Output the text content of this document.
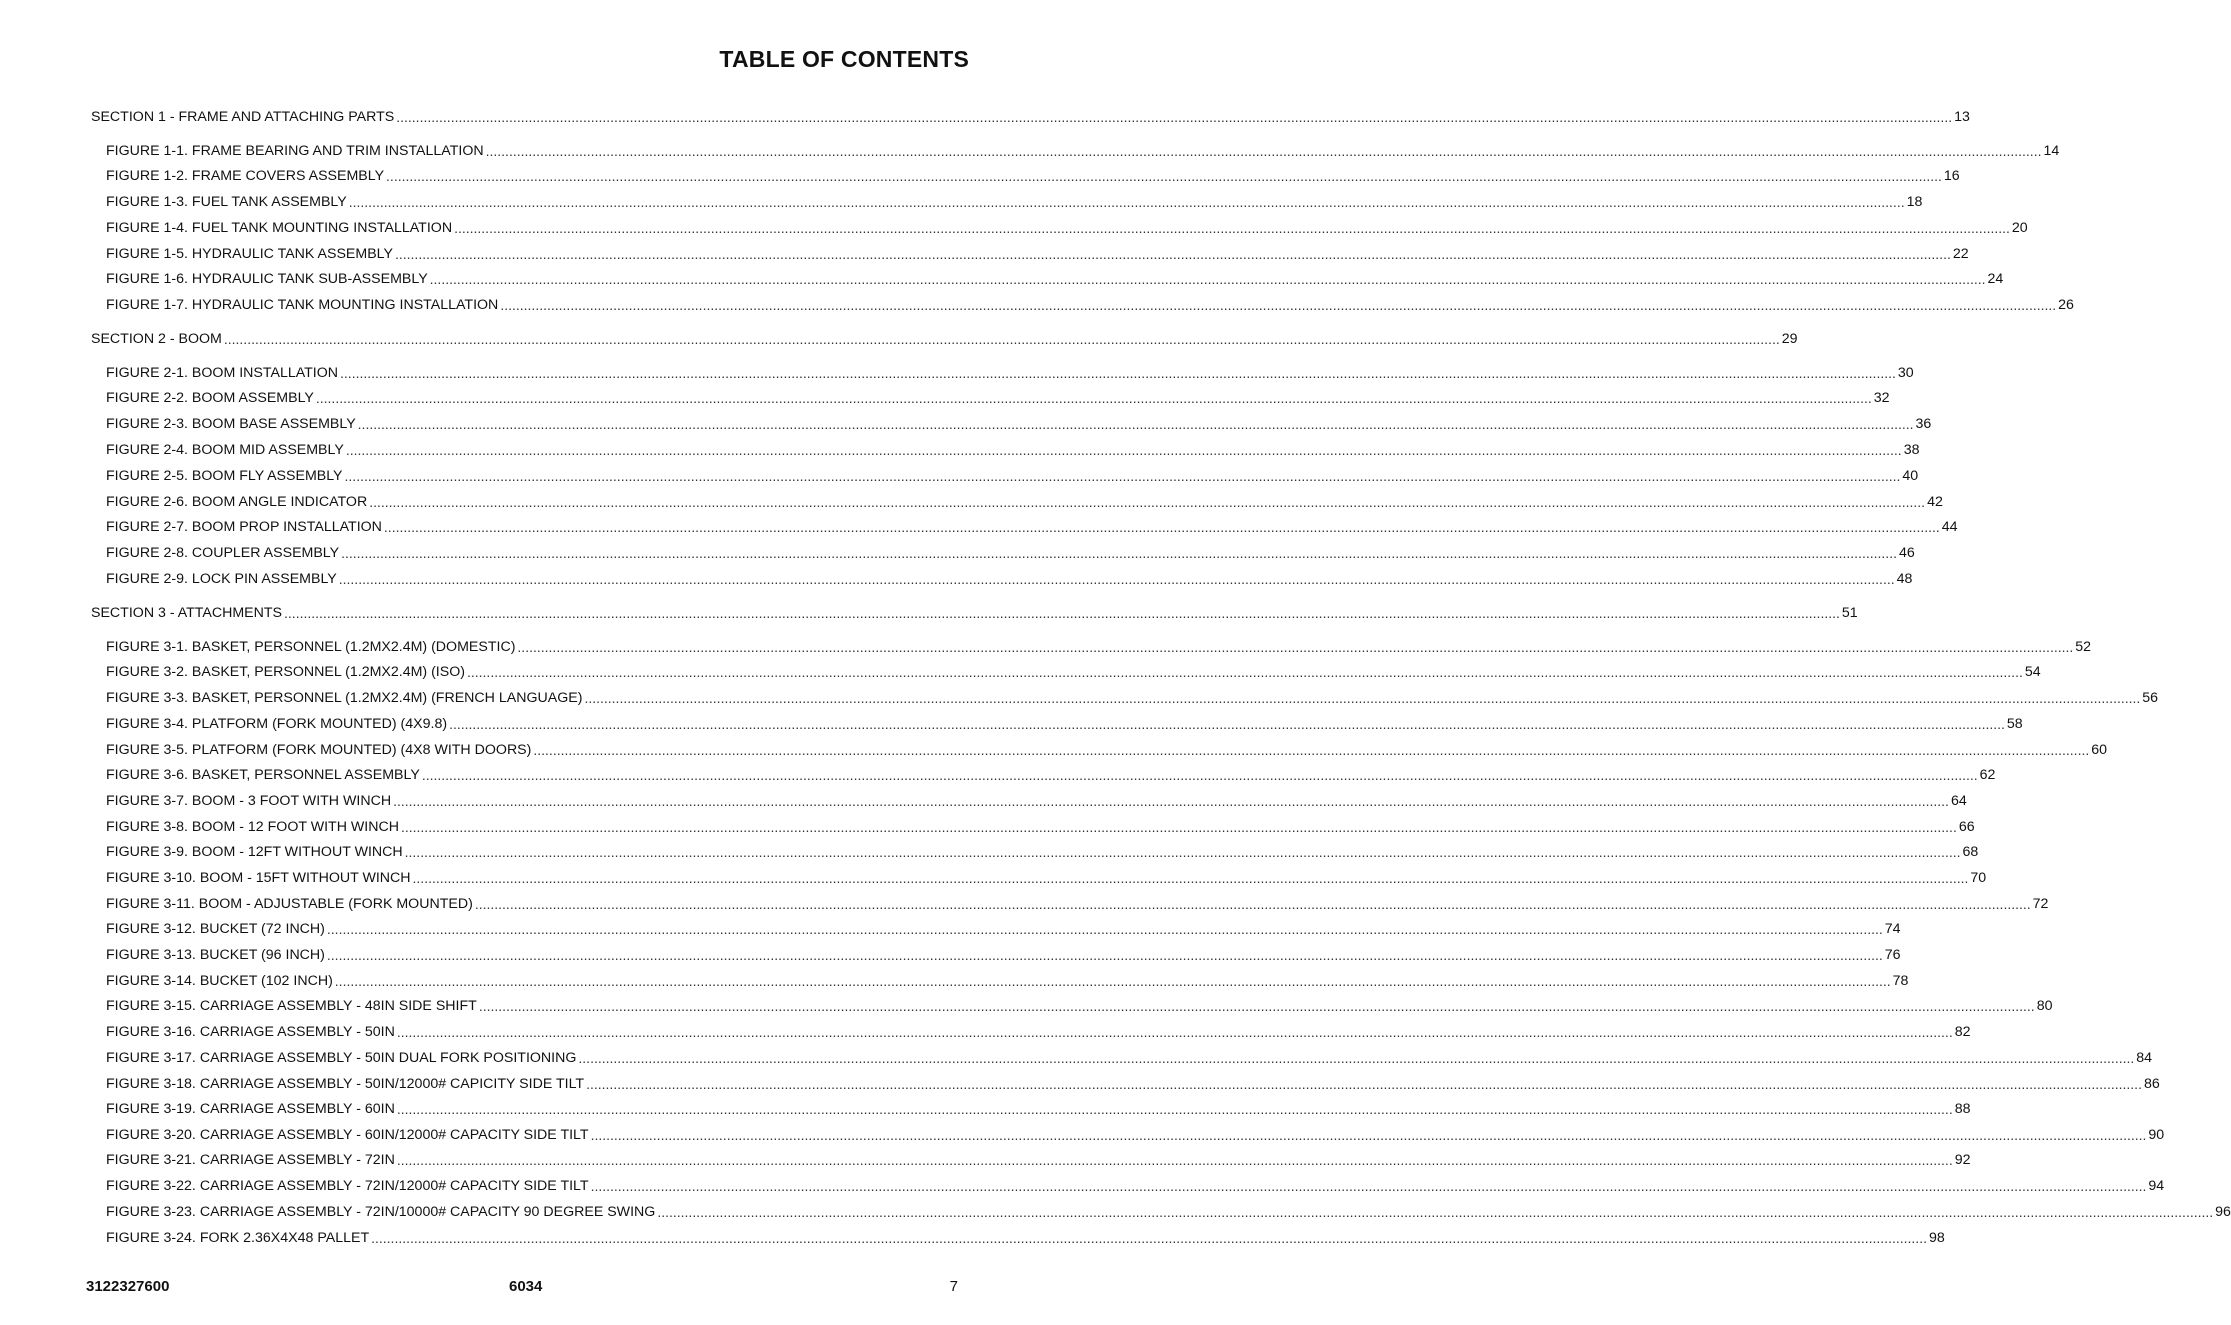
TABLE OF CONTENTS
SECTION 1 - FRAME AND ATTACHING PARTS ................................................................................................................................................................................................................................................................................................................................................................................................................ 13
FIGURE 1-1. FRAME BEARING AND TRIM INSTALLATION ................................................................................................................................................................................................................................................................................................................................................................................................................ 14
FIGURE 1-2. FRAME COVERS ASSEMBLY ................................................................................................................................................................................................................................................................................................................................................................................................................ 16
FIGURE 1-3. FUEL TANK ASSEMBLY ................................................................................................................................................................................................................................................................................................................................................................................................................ 18
FIGURE 1-4. FUEL TANK MOUNTING INSTALLATION ................................................................................................................................................................................................................................................................................................................................................................................................................ 20
FIGURE 1-5. HYDRAULIC TANK ASSEMBLY ................................................................................................................................................................................................................................................................................................................................................................................................................ 22
FIGURE 1-6. HYDRAULIC TANK SUB-ASSEMBLY ................................................................................................................................................................................................................................................................................................................................................................................................................ 24
FIGURE 1-7. HYDRAULIC TANK MOUNTING INSTALLATION ................................................................................................................................................................................................................................................................................................................................................................................................................ 26
SECTION 2 - BOOM ................................................................................................................................................................................................................................................................................................................................................................................................................ 29
FIGURE 2-1. BOOM INSTALLATION ................................................................................................................................................................................................................................................................................................................................................................................................................ 30
FIGURE 2-2. BOOM ASSEMBLY ................................................................................................................................................................................................................................................................................................................................................................................................................ 32
FIGURE 2-3. BOOM BASE ASSEMBLY ................................................................................................................................................................................................................................................................................................................................................................................................................ 36
FIGURE 2-4. BOOM MID ASSEMBLY ................................................................................................................................................................................................................................................................................................................................................................................................................ 38
FIGURE 2-5. BOOM FLY ASSEMBLY ................................................................................................................................................................................................................................................................................................................................................................................................................ 40
FIGURE 2-6. BOOM ANGLE INDICATOR ................................................................................................................................................................................................................................................................................................................................................................................................................ 42
FIGURE 2-7. BOOM PROP INSTALLATION ................................................................................................................................................................................................................................................................................................................................................................................................................ 44
FIGURE 2-8. COUPLER ASSEMBLY ................................................................................................................................................................................................................................................................................................................................................................................................................ 46
FIGURE 2-9. LOCK PIN ASSEMBLY ................................................................................................................................................................................................................................................................................................................................................................................................................ 48
SECTION 3 - ATTACHMENTS ................................................................................................................................................................................................................................................................................................................................................................................................................ 51
FIGURE 3-1. BASKET, PERSONNEL (1.2MX2.4M) (DOMESTIC) ................................................................................................................................................................................................................................................................................................................................................................................................................ 52
FIGURE 3-2. BASKET, PERSONNEL (1.2MX2.4M) (ISO) ................................................................................................................................................................................................................................................................................................................................................................................................................ 54
FIGURE 3-3. BASKET, PERSONNEL (1.2MX2.4M) (FRENCH LANGUAGE) ................................................................................................................................................................................................................................................................................................................................................................................................................ 56
FIGURE 3-4. PLATFORM (FORK MOUNTED) (4X9.8) ................................................................................................................................................................................................................................................................................................................................................................................................................ 58
FIGURE 3-5. PLATFORM (FORK MOUNTED) (4X8 WITH DOORS) ................................................................................................................................................................................................................................................................................................................................................................................................................ 60
FIGURE 3-6. BASKET, PERSONNEL ASSEMBLY ................................................................................................................................................................................................................................................................................................................................................................................................................ 62
FIGURE 3-7. BOOM - 3 FOOT WITH WINCH ................................................................................................................................................................................................................................................................................................................................................................................................................ 64
FIGURE 3-8. BOOM - 12 FOOT WITH WINCH ................................................................................................................................................................................................................................................................................................................................................................................................................ 66
FIGURE 3-9. BOOM - 12FT WITHOUT WINCH ................................................................................................................................................................................................................................................................................................................................................................................................................ 68
FIGURE 3-10. BOOM - 15FT WITHOUT WINCH ................................................................................................................................................................................................................................................................................................................................................................................................................ 70
FIGURE 3-11. BOOM - ADJUSTABLE (FORK MOUNTED) ................................................................................................................................................................................................................................................................................................................................................................................................................ 72
FIGURE 3-12. BUCKET (72 INCH) ................................................................................................................................................................................................................................................................................................................................................................................................................ 74
FIGURE 3-13. BUCKET (96 INCH) ................................................................................................................................................................................................................................................................................................................................................................................................................ 76
FIGURE 3-14. BUCKET (102 INCH) ................................................................................................................................................................................................................................................................................................................................................................................................................ 78
FIGURE 3-15. CARRIAGE ASSEMBLY - 48IN SIDE SHIFT ................................................................................................................................................................................................................................................................................................................................................................................................................ 80
FIGURE 3-16. CARRIAGE ASSEMBLY - 50IN ................................................................................................................................................................................................................................................................................................................................................................................................................ 82
FIGURE 3-17. CARRIAGE ASSEMBLY - 50IN DUAL FORK POSITIONING ................................................................................................................................................................................................................................................................................................................................................................................................................ 84
FIGURE 3-18. CARRIAGE ASSEMBLY - 50IN/12000# CAPICITY SIDE TILT ................................................................................................................................................................................................................................................................................................................................................................................................................ 86
FIGURE 3-19. CARRIAGE ASSEMBLY - 60IN ................................................................................................................................................................................................................................................................................................................................................................................................................ 88
FIGURE 3-20. CARRIAGE ASSEMBLY - 60IN/12000# CAPACITY SIDE TILT ................................................................................................................................................................................................................................................................................................................................................................................................................ 90
FIGURE 3-21. CARRIAGE ASSEMBLY - 72IN ................................................................................................................................................................................................................................................................................................................................................................................................................ 92
FIGURE 3-22. CARRIAGE ASSEMBLY - 72IN/12000# CAPACITY SIDE TILT ................................................................................................................................................................................................................................................................................................................................................................................................................ 94
FIGURE 3-23. CARRIAGE ASSEMBLY - 72IN/10000# CAPACITY 90 DEGREE SWING ................................................................................................................................................................................................................................................................................................................................................................................................................ 96
FIGURE 3-24. FORK 2.36X4X48 PALLET ................................................................................................................................................................................................................................................................................................................................................................................................................ 98
3122327600	6034	7
